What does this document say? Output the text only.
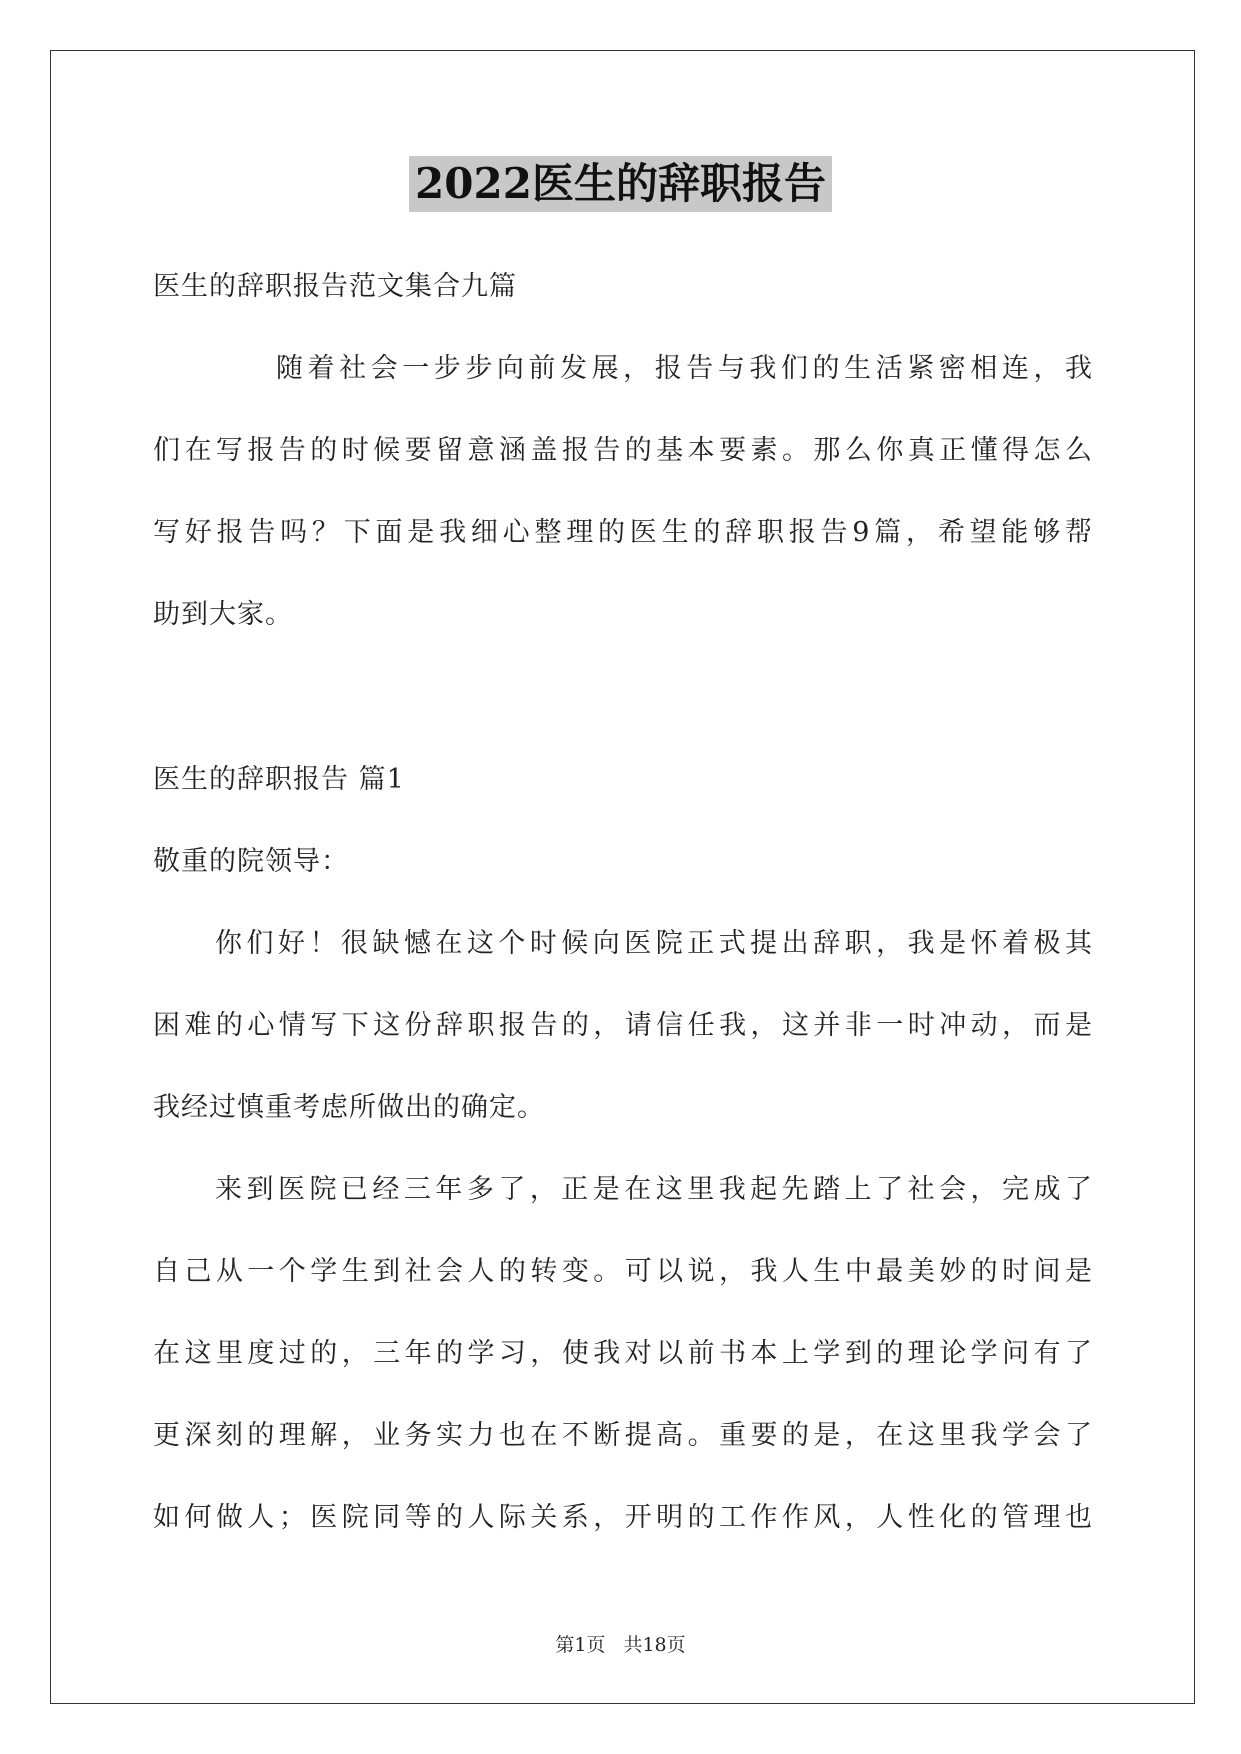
2022医生的辞职报告
医生的辞职报告范文集合九篇
随着社会一步步向前发展，报告与我们的生活紧密相连，我
们在写报告的时候要留意涵盖报告的基本要素。那么你真正懂得怎么
写好报告吗？下面是我细心整理的医生的辞职报告9篇，希望能够帮
助到大家。
医生的辞职报告 篇1
敬重的院领导：
你们好！很缺憾在这个时候向医院正式提出辞职，我是怀着极其
困难的心情写下这份辞职报告的，请信任我，这并非一时冲动，而是
我经过慎重考虑所做出的确定。
来到医院已经三年多了，正是在这里我起先踏上了社会，完成了
自己从一个学生到社会人的转变。可以说，我人生中最美妙的时间是
在这里度过的，三年的学习，使我对以前书本上学到的理论学问有了
更深刻的理解，业务实力也在不断提高。重要的是，在这里我学会了
如何做人；医院同等的人际关系，开明的工作作风，人性化的管理也
第1页 共18页
